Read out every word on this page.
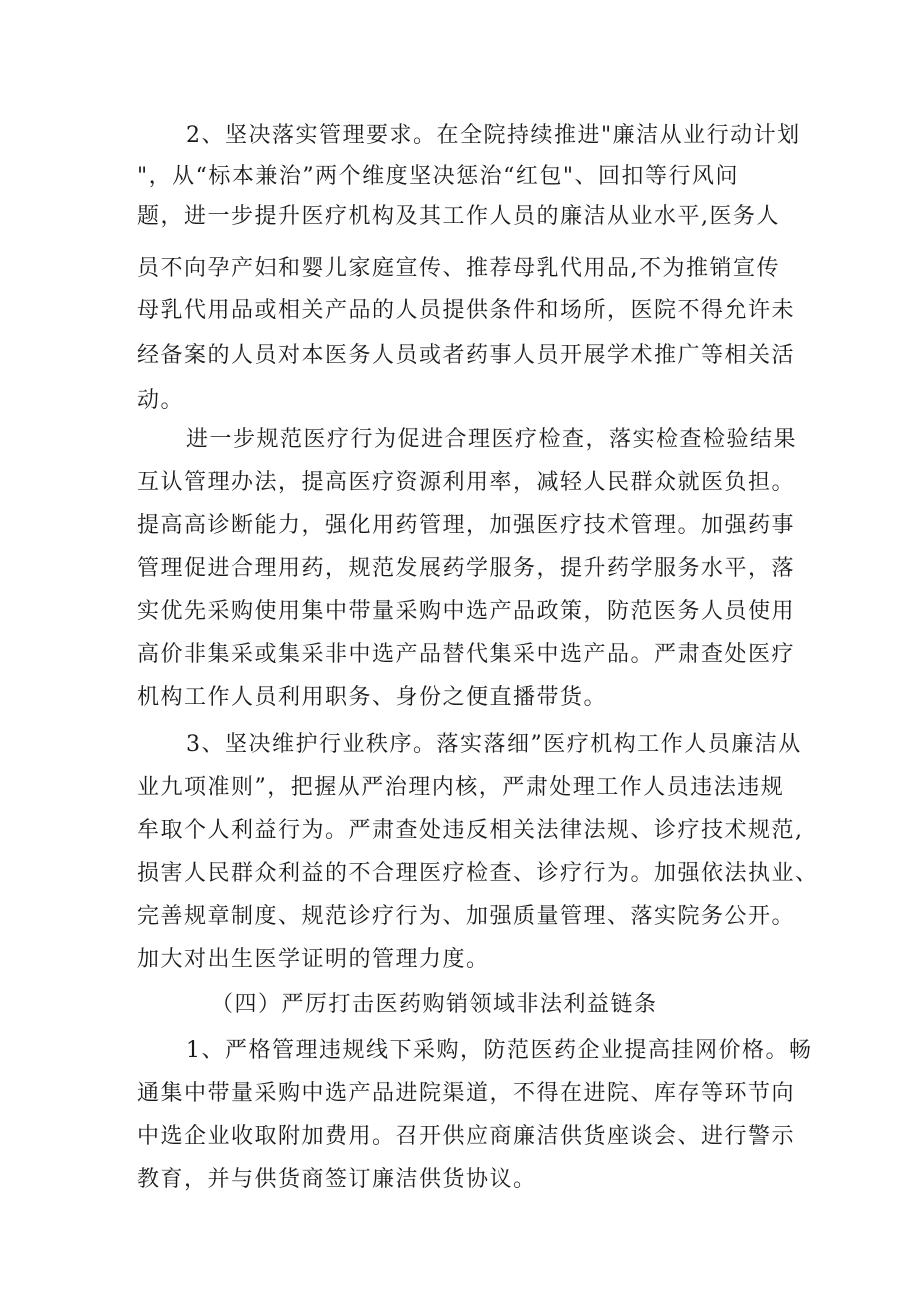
2、坚决落实管理要求。在全院持续推进"廉洁从业行动计划

"，从“标本兼治”两个维度坚决惩治“红包"、回扣等行风问

题，进一步提升医疗机构及其工作人员的廉洁从业水平,医务人

员不向孕产妇和婴儿家庭宣传、推荐母乳代用品,不为推销宣传

母乳代用品或相关产品的人员提供条件和场所，医院不得允许未

经备案的人员对本医务人员或者药事人员开展学术推广等相关活

动。

进一步规范医疗行为促进合理医疗检查，落实检查检验结果

互认管理办法，提高医疗资源利用率，减轻人民群众就医负担。

提高高诊断能力，强化用药管理，加强医疗技术管理。加强药事

管理促进合理用药，规范发展药学服务，提升药学服务水平，落

实优先采购使用集中带量采购中选产品政策，防范医务人员使用

高价非集采或集采非中选产品替代集采中选产品。严肃查处医疗

机构工作人员利用职务、身份之便直播带货。

3、坚决维护行业秩序。落实落细”医疗机构工作人员廉洁从

业九项准则”，把握从严治理内核，严肃处理工作人员违法违规

牟取个人利益行为。严肃查处违反相关法律法规、诊疗技术规范,

损害人民群众利益的不合理医疗检查、诊疗行为。加强依法执业、

完善规章制度、规范诊疗行为、加强质量管理、落实院务公开。

加大对出生医学证明的管理力度。

（四）严厉打击医药购销领域非法利益链条

1、严格管理违规线下采购，防范医药企业提高挂网价格。畅

通集中带量采购中选产品进院渠道，不得在进院、库存等环节向

中选企业收取附加费用。召开供应商廉洁供货座谈会、进行警示

教育，并与供货商签订廉洁供货协议。
